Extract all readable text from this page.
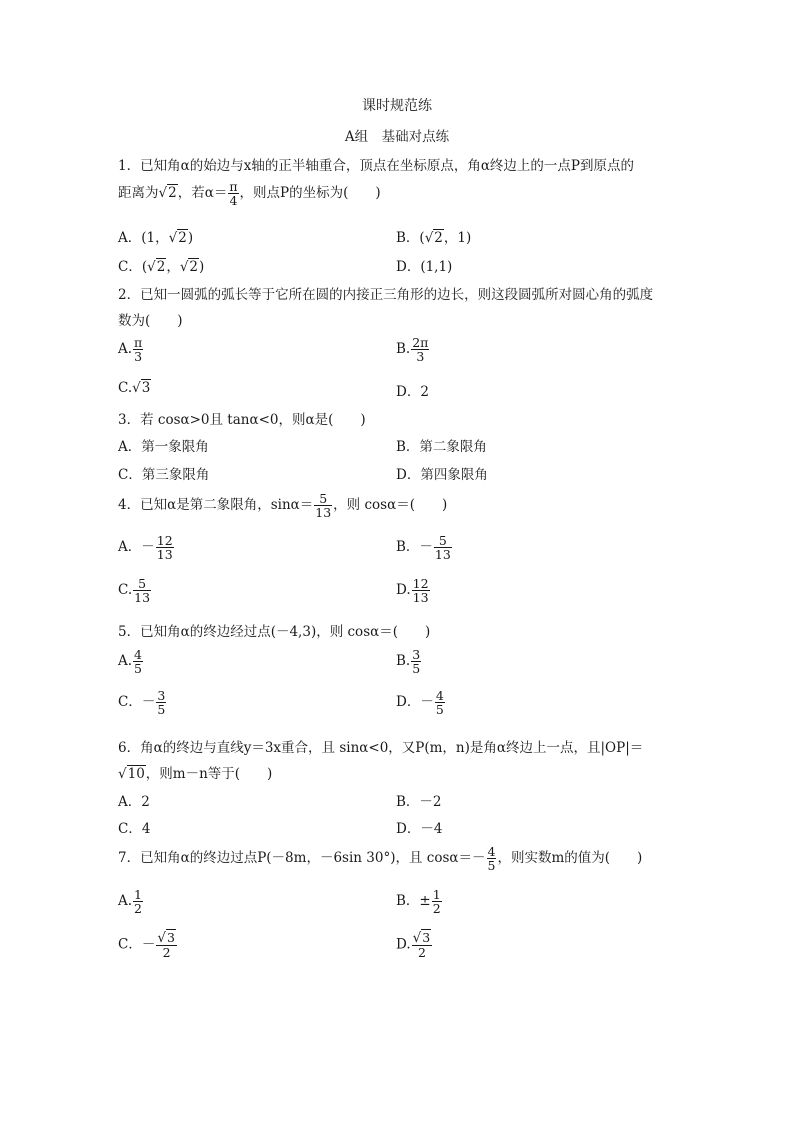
课时规范练
A组　基础对点练
1．已知角α的始边与x轴的正半轴重合，顶点在坐标原点，角α终边上的一点P到原点的
距离为√2，若$\alpha= \frac{\pi}{4}$ ，则点P的坐标为(　　)
A．(1，√2)	B．(√2，1)
C．(√2，√2)	D．(1,1)
2．已知一圆弧的弧长等于它所在圆的内接正三角形的边长，则这段圆弧所对圆心角的弧度
数为(　　)
A. $\frac{\pi}{3}$	B. $\frac{2\pi}{3}$
C.√3	D．2
3．若 cosα>0且 tanα<0，则α是(　　)
A．第一象限角	B．第二象限角
C．第三象限角	D．第四象限角
4．已知α是第二象限角，$\sin\alpha= \frac{5}{13}$ ，则 cosα＝(　　)
A．－ $\frac{12}{13}$	B．－ $\frac{5}{13}$
C. $\frac{5}{13}$	D. $\frac{12}{13}$
5．已知角α的终边经过点(－4,3)，则 cosα＝(　　)
A. $\frac{4}{5}$	B. $\frac{3}{5}$
C．－ $\frac{3}{5}$	D．－ $\frac{4}{5}$
6．角α的终边与直线y＝3x重合，且 sinα<0，又P(m，n)是角α终边上一点，且|OP|＝
√10，则m－n等于(　　)
A．2	B．－2
C．4	D．－4
7．已知角α的终边过点P(－8m，－6sin 30°)，且 $\cos\alpha=- \frac{4}{5}$ ，则实数m的值为(　　)
A. $\frac{1}{2}$	B．± $\frac{1}{2}$
C．－ $\frac{√3}{2}$	D. $\frac{√3}{2}$
